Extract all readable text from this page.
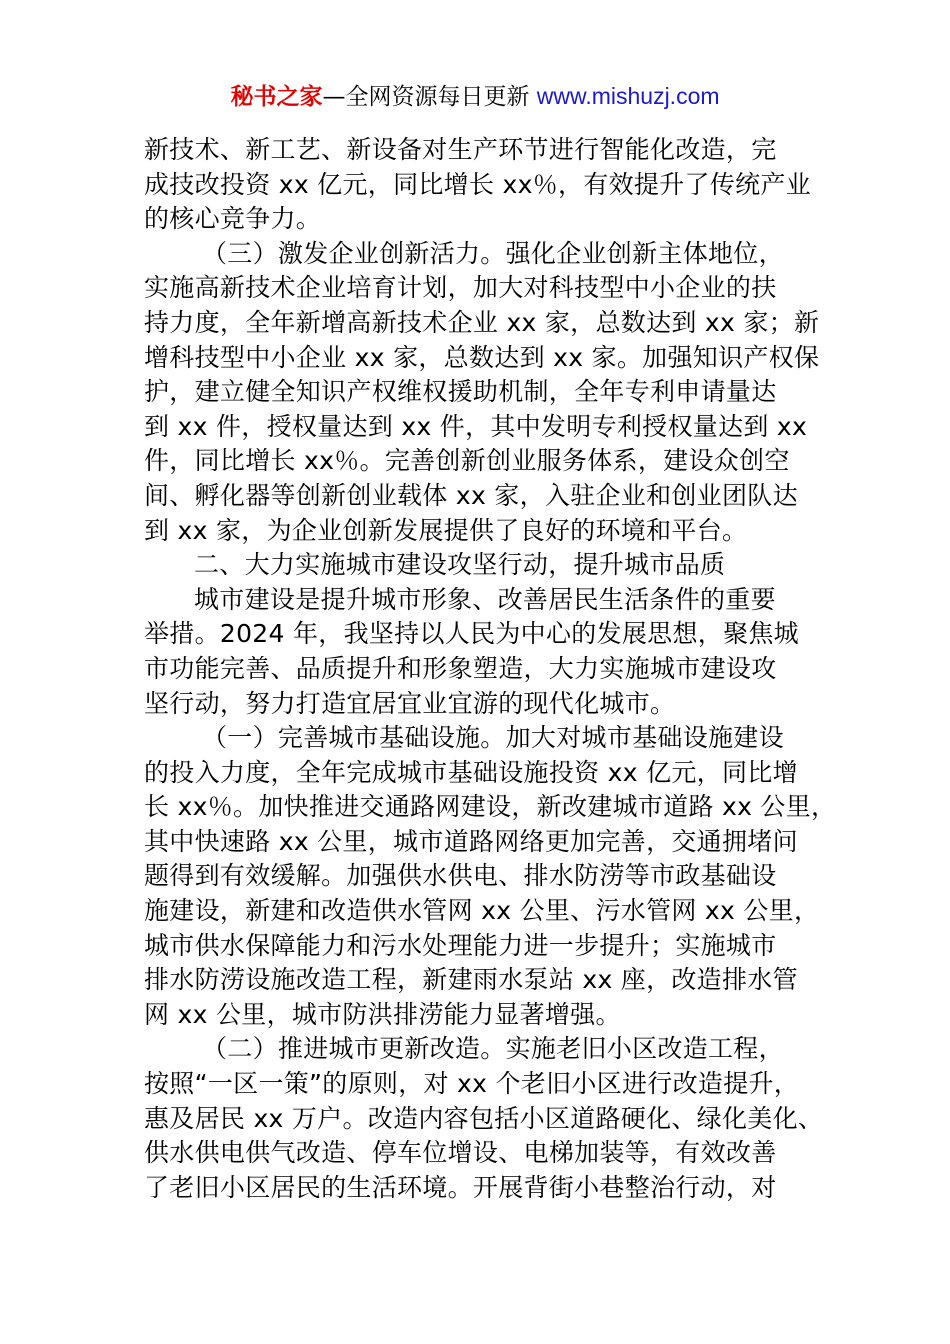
秘书之家—全网资源每日更新 www.mishuzj.com
新技术、新工艺、新设备对生产环节进行智能化改造，完
成技改投资 xx 亿元，同比增长 xx％，有效提升了传统产业
的核心竞争力。
（三）激发企业创新活力。强化企业创新主体地位，
实施高新技术企业培育计划，加大对科技型中小企业的扶
持力度，全年新增高新技术企业 xx 家，总数达到 xx 家；新
增科技型中小企业 xx 家，总数达到 xx 家。加强知识产权保
护，建立健全知识产权维权援助机制，全年专利申请量达
到 xx 件，授权量达到 xx 件，其中发明专利授权量达到 xx
件，同比增长 xx％。完善创新创业服务体系，建设众创空
间、孵化器等创新创业载体 xx 家，入驻企业和创业团队达
到 xx 家，为企业创新发展提供了良好的环境和平台。
二、大力实施城市建设攻坚行动，提升城市品质
城市建设是提升城市形象、改善居民生活条件的重要
举措。2024 年，我坚持以人民为中心的发展思想，聚焦城
市功能完善、品质提升和形象塑造，大力实施城市建设攻
坚行动，努力打造宜居宜业宜游的现代化城市。
（一）完善城市基础设施。加大对城市基础设施建设
的投入力度，全年完成城市基础设施投资 xx 亿元，同比增
长 xx％。加快推进交通路网建设，新改建城市道路 xx 公里，
其中快速路 xx 公里，城市道路网络更加完善，交通拥堵问
题得到有效缓解。加强供水供电、排水防涝等市政基础设
施建设，新建和改造供水管网 xx 公里、污水管网 xx 公里，
城市供水保障能力和污水处理能力进一步提升；实施城市
排水防涝设施改造工程，新建雨水泵站 xx 座，改造排水管
网 xx 公里，城市防洪排涝能力显著增强。
（二）推进城市更新改造。实施老旧小区改造工程，
按照“一区一策”的原则，对 xx 个老旧小区进行改造提升，
惠及居民 xx 万户。改造内容包括小区道路硬化、绿化美化、
供水供电供气改造、停车位增设、电梯加装等，有效改善
了老旧小区居民的生活环境。开展背街小巷整治行动，对
